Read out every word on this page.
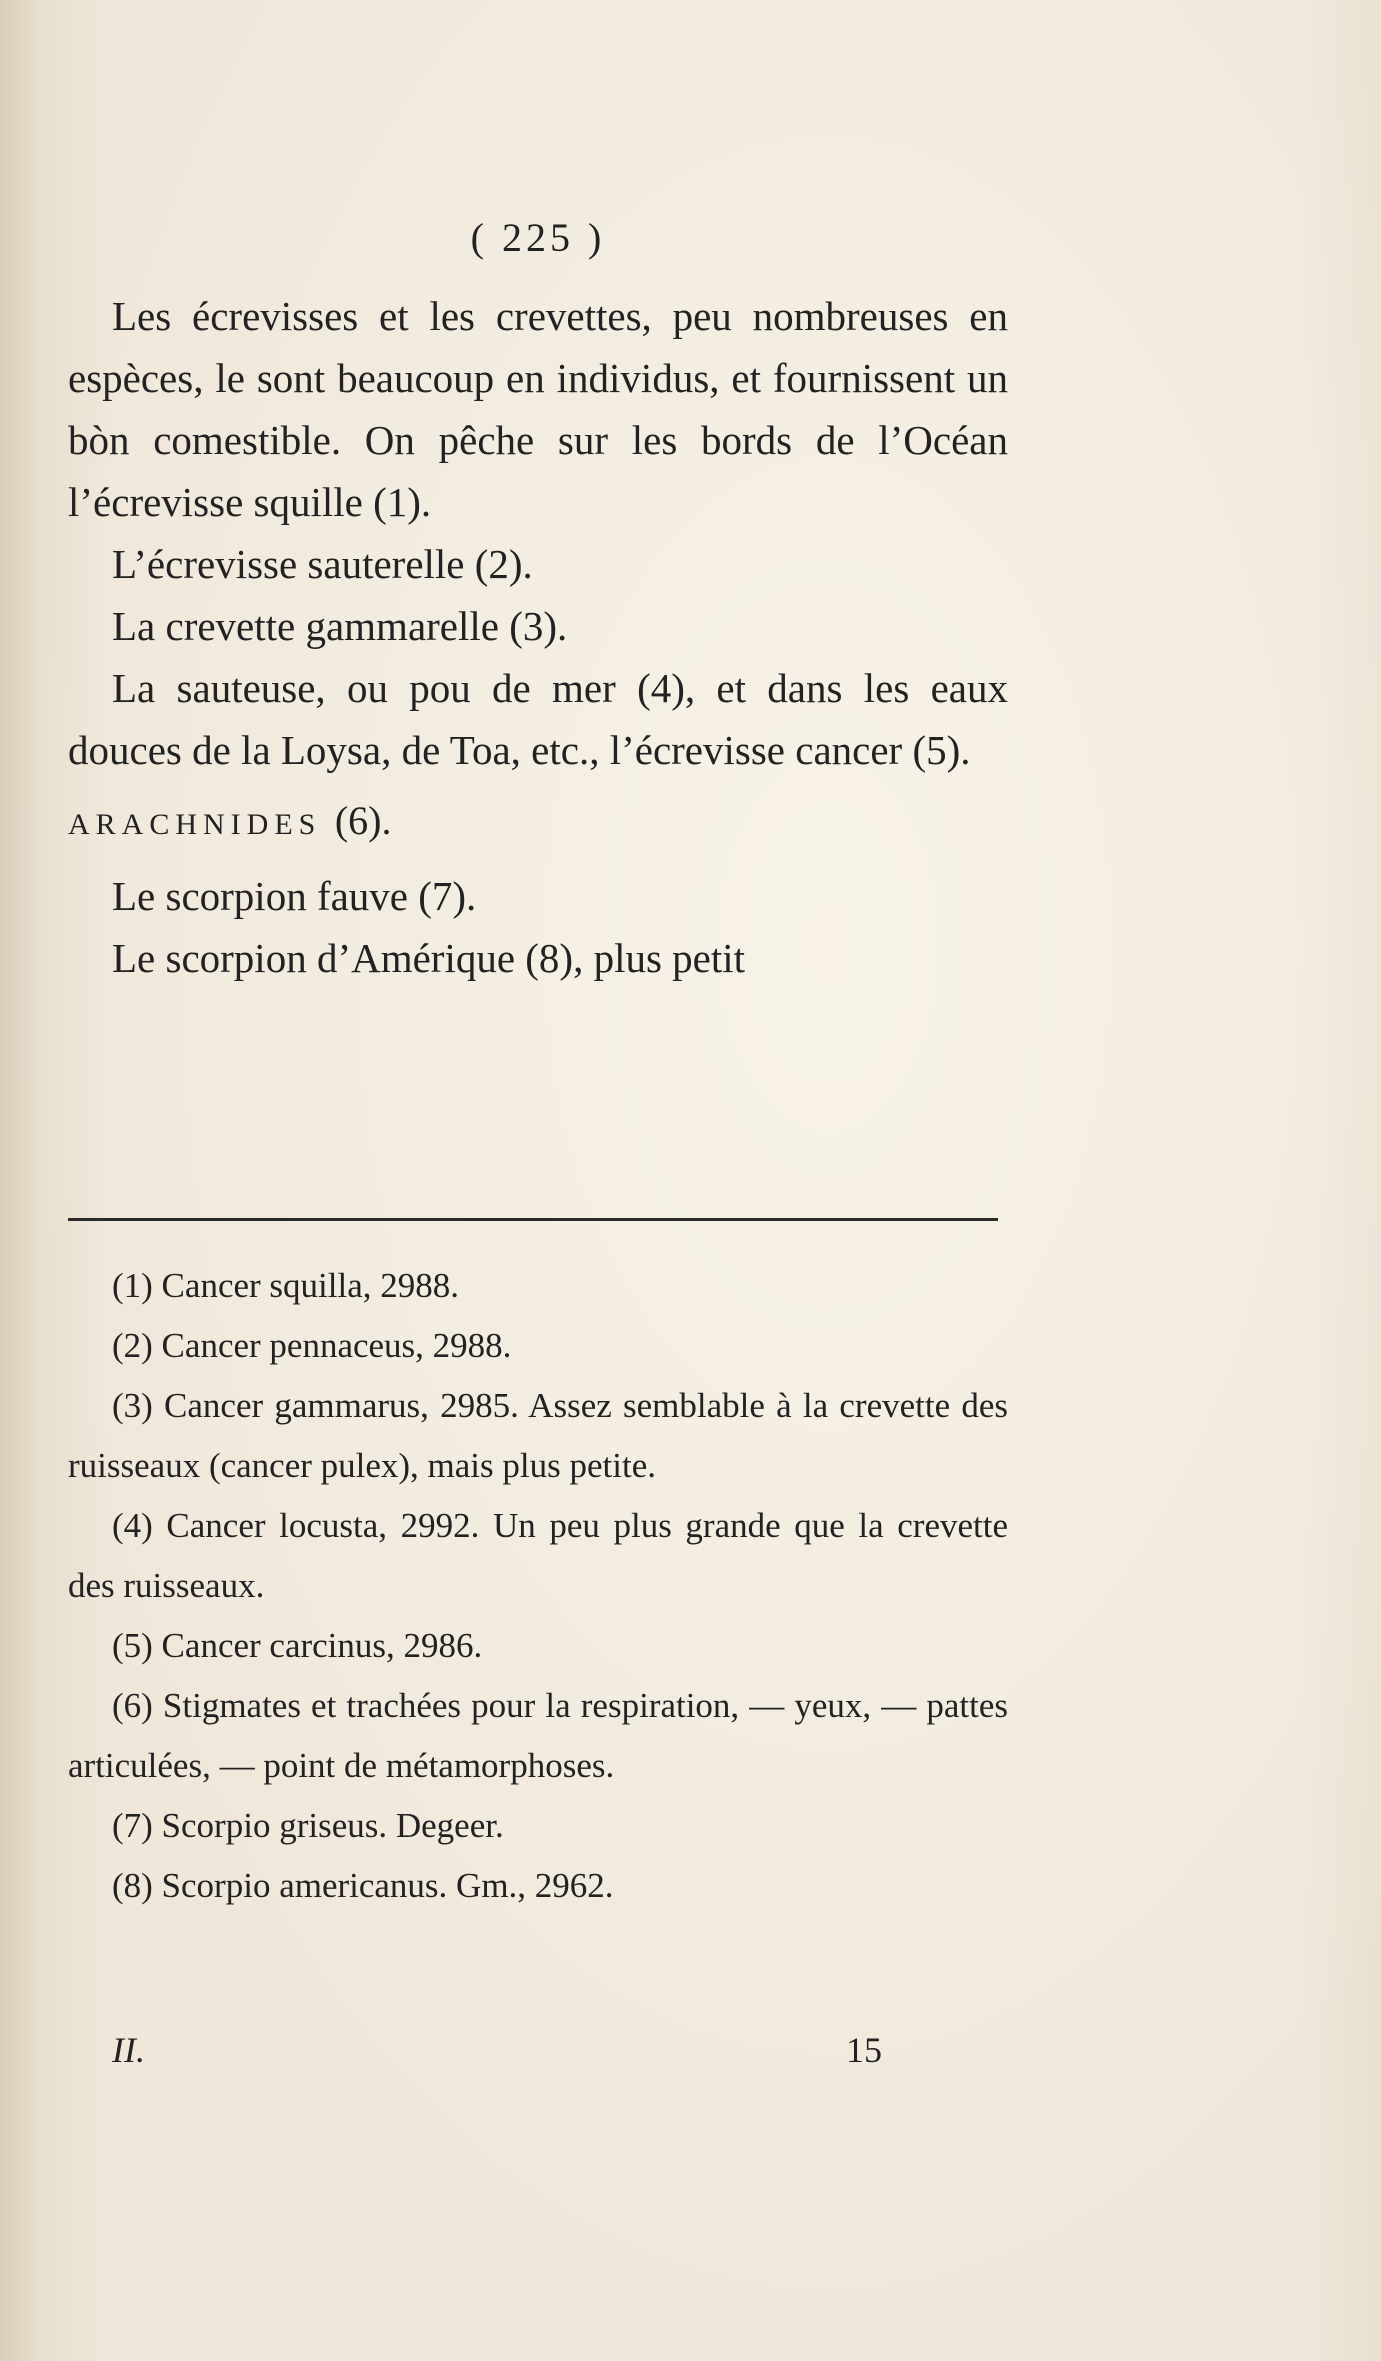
( 225 )

Les écrevisses et les crevettes, peu nombreuses en espèces, le sont beaucoup en individus, et fournissent un bòn comestible. On pêche sur les bords de l’Océan l’écrevisse squille (1).

L’écrevisse sauterelle (2).

La crevette gammarelle (3).

La sauteuse, ou pou de mer (4), et dans les eaux douces de la Loysa, de Toa, etc., l’écrevisse cancer (5).

ARACHNIDES (6).

Le scorpion fauve (7).

Le scorpion d’Amérique (8), plus petit

(1) Cancer squilla, 2988.

(2) Cancer pennaceus, 2988.

(3) Cancer gammarus, 2985. Assez semblable à la crevette des ruisseaux (cancer pulex), mais plus petite.

(4) Cancer locusta, 2992. Un peu plus grande que la crevette des ruisseaux.

(5) Cancer carcinus, 2986.

(6) Stigmates et trachées pour la respiration, — yeux, — pattes articulées, — point de métamorphoses.

(7) Scorpio griseus. Degeer.

(8) Scorpio americanus. Gm., 2962.

II.	15
